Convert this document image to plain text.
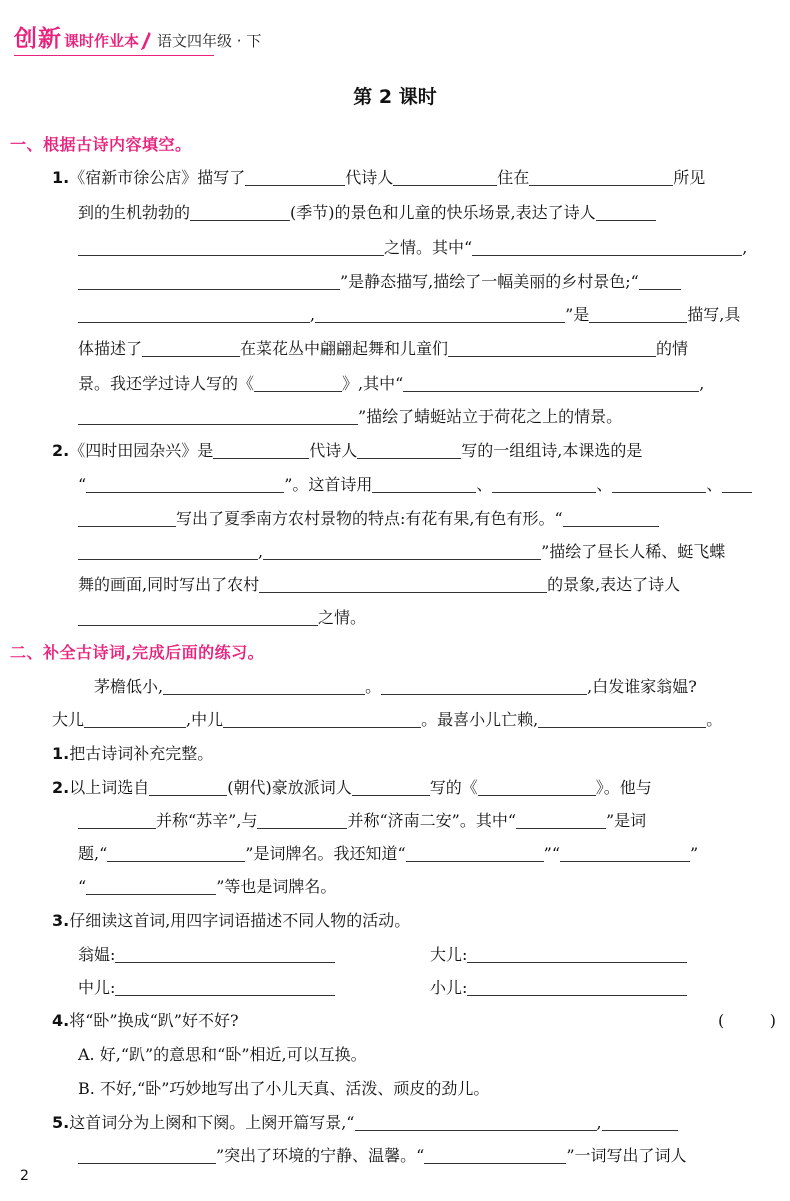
创新 课时作业本 语文四年级 · 下
第 2 课时
一、根据古诗内容填空。
1.《宿新市徐公店》描写了	代诗人	住在	所见
到的生机勃勃的	(季节)的景色和儿童的快乐场景,表达了诗人
之情。其中“	,
”是静态描写,描绘了一幅美丽的乡村景色;“
,	”是	描写,具
体描述了	在菜花丛中翩翩起舞和儿童们	的情
景。我还学过诗人写的《	》,其中“	,
”描绘了蜻蜓站立于荷花之上的情景。
2.《四时田园杂兴》是	代诗人	写的一组组诗,本课选的是
“	”。这首诗用	、	、	、
写出了夏季南方农村景物的特点:有花有果,有色有形。“
,	”描绘了昼长人稀、蜓飞蝶
舞的画面,同时写出了农村	的景象,表达了诗人
之情。
二、补全古诗词,完成后面的练习。
茅檐低小,	。	,白发谁家翁媪?
大儿	,中儿	。最喜小儿亡赖,	。
1.把古诗词补充完整。
2.以上词选自	(朝代)豪放派词人	写的《	》。他与
并称“苏辛”,与	并称“济南二安”。其中“	”是词
题,“	”是词牌名。我还知道“	”“	”
“	”等也是词牌名。
3.仔细读这首词,用四字词语描述不同人物的活动。
翁媪:	大儿:
中儿:	小儿:
4.将“卧”换成“趴”好不好?	(	)
A. 好,“趴”的意思和“卧”相近,可以互换。
B. 不好,“卧”巧妙地写出了小儿天真、活泼、顽皮的劲儿。
5.这首词分为上阕和下阕。上阕开篇写景,“	,
”突出了环境的宁静、温馨。“	”一词写出了词人
2
